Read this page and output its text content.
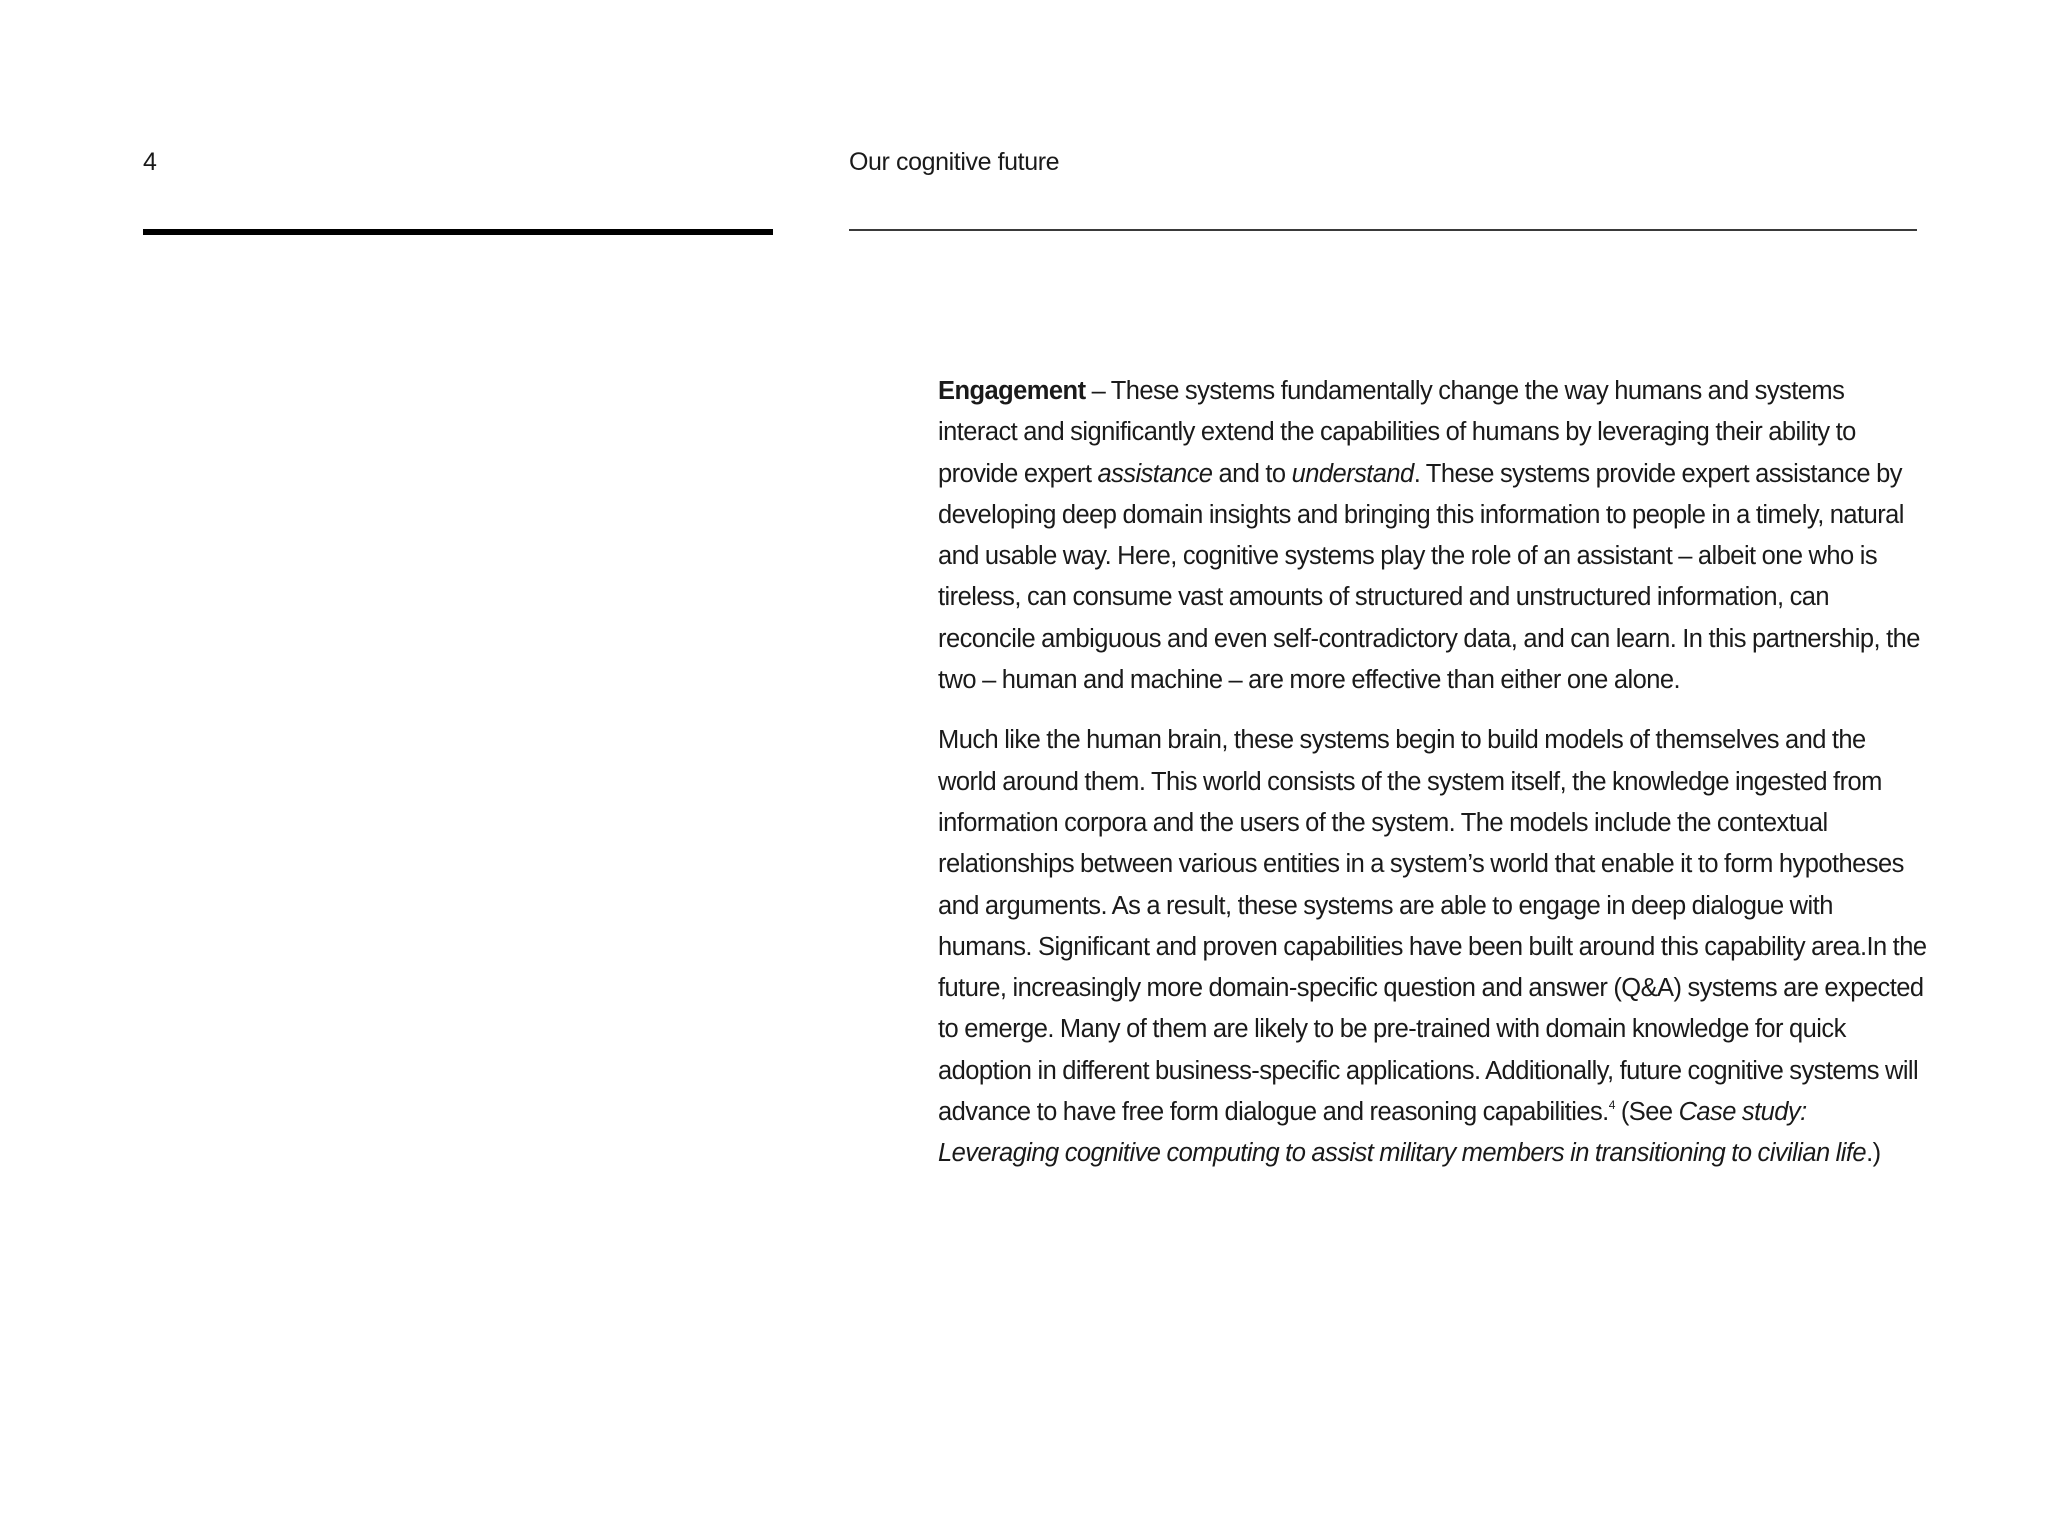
4	Our cognitive future

Engagement – These systems fundamentally change the way humans and systems interact and significantly extend the capabilities of humans by leveraging their ability to provide expert assistance and to understand. These systems provide expert assistance by developing deep domain insights and bringing this information to people in a timely, natural and usable way. Here, cognitive systems play the role of an assistant – albeit one who is tireless, can consume vast amounts of structured and unstructured information, can reconcile ambiguous and even self-contradictory data, and can learn. In this partnership, the two – human and machine – are more effective than either one alone.

Much like the human brain, these systems begin to build models of themselves and the world around them. This world consists of the system itself, the knowledge ingested from information corpora and the users of the system. The models include the contextual relationships between various entities in a system’s world that enable it to form hypotheses and arguments. As a result, these systems are able to engage in deep dialogue with humans. Significant and proven capabilities have been built around this capability area.In the future, increasingly more domain-specific question and answer (Q&A) systems are expected to emerge. Many of them are likely to be pre-trained with domain knowledge for quick adoption in different business-specific applications. Additionally, future cognitive systems will advance to have free form dialogue and reasoning capabilities.$^4$ (See Case study: Leveraging cognitive computing to assist military members in transitioning to civilian life.)
